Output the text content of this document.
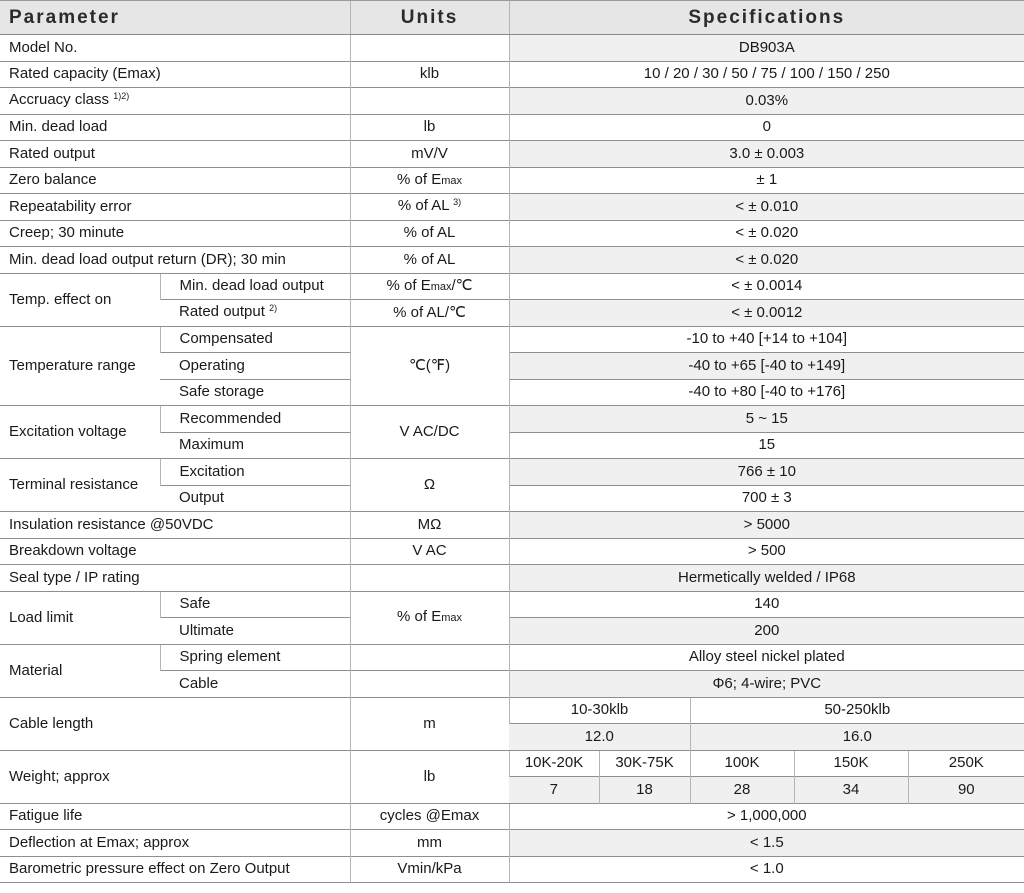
Parameter		Units	Specifications				
Model No.			DB903A				
Rated capacity (Emax)		klb	10 / 20 / 30 / 50 / 75 / 100 / 150 / 250				
Accruacy class $^{1)2)}$			0.03%				
Min. dead load		lb	0				
Rated output		mV/V	3.0 ± 0.003				
Zero balance		% of Emax	± 1				
Repeatability error		% of AL $^{3)}$	< ± 0.010				
Creep; 30 minute		% of AL	< ± 0.020				
Min. dead load output return (DR); 30 min		% of AL	< ± 0.020				
Temp. effect on	Min. dead load output	% of Emax/℃	< ± 0.0014				
	Rated output $^{2)}$	% of AL/℃	< ± 0.0012				
Temperature range	Compensated	℃(℉)	-10 to +40 [+14 to +104]				
	Operating		-40 to +65 [-40 to +149]				
	Safe storage		-40 to +80 [-40 to +176]				
Excitation voltage	Recommended	V AC/DC	5 ~ 15				
	Maximum		15				
Terminal resistance	Excitation	Ω	766 ± 10				
	Output		700 ± 3				
Insulation resistance @50VDC		MΩ	> 5000				
Breakdown voltage		V AC	> 500				
Seal type / IP rating			Hermetically welded / IP68				
Load limit	Safe	% of Emax	140				
	Ultimate		200				
Material	Spring element		Alloy steel nickel plated				
	Cable		Φ6; 4-wire; PVC				
Cable length		m	10-30klb		50-250klb		
			12.0		16.0		
Weight; approx		lb	10K-20K	30K-75K	100K	150K	250K
			7	18	28	34	90
Fatigue life		cycles @Emax	> 1,000,000				
Deflection at Emax; approx		mm	< 1.5				
Barometric pressure effect on Zero Output		Vmin/kPa	< 1.0				
